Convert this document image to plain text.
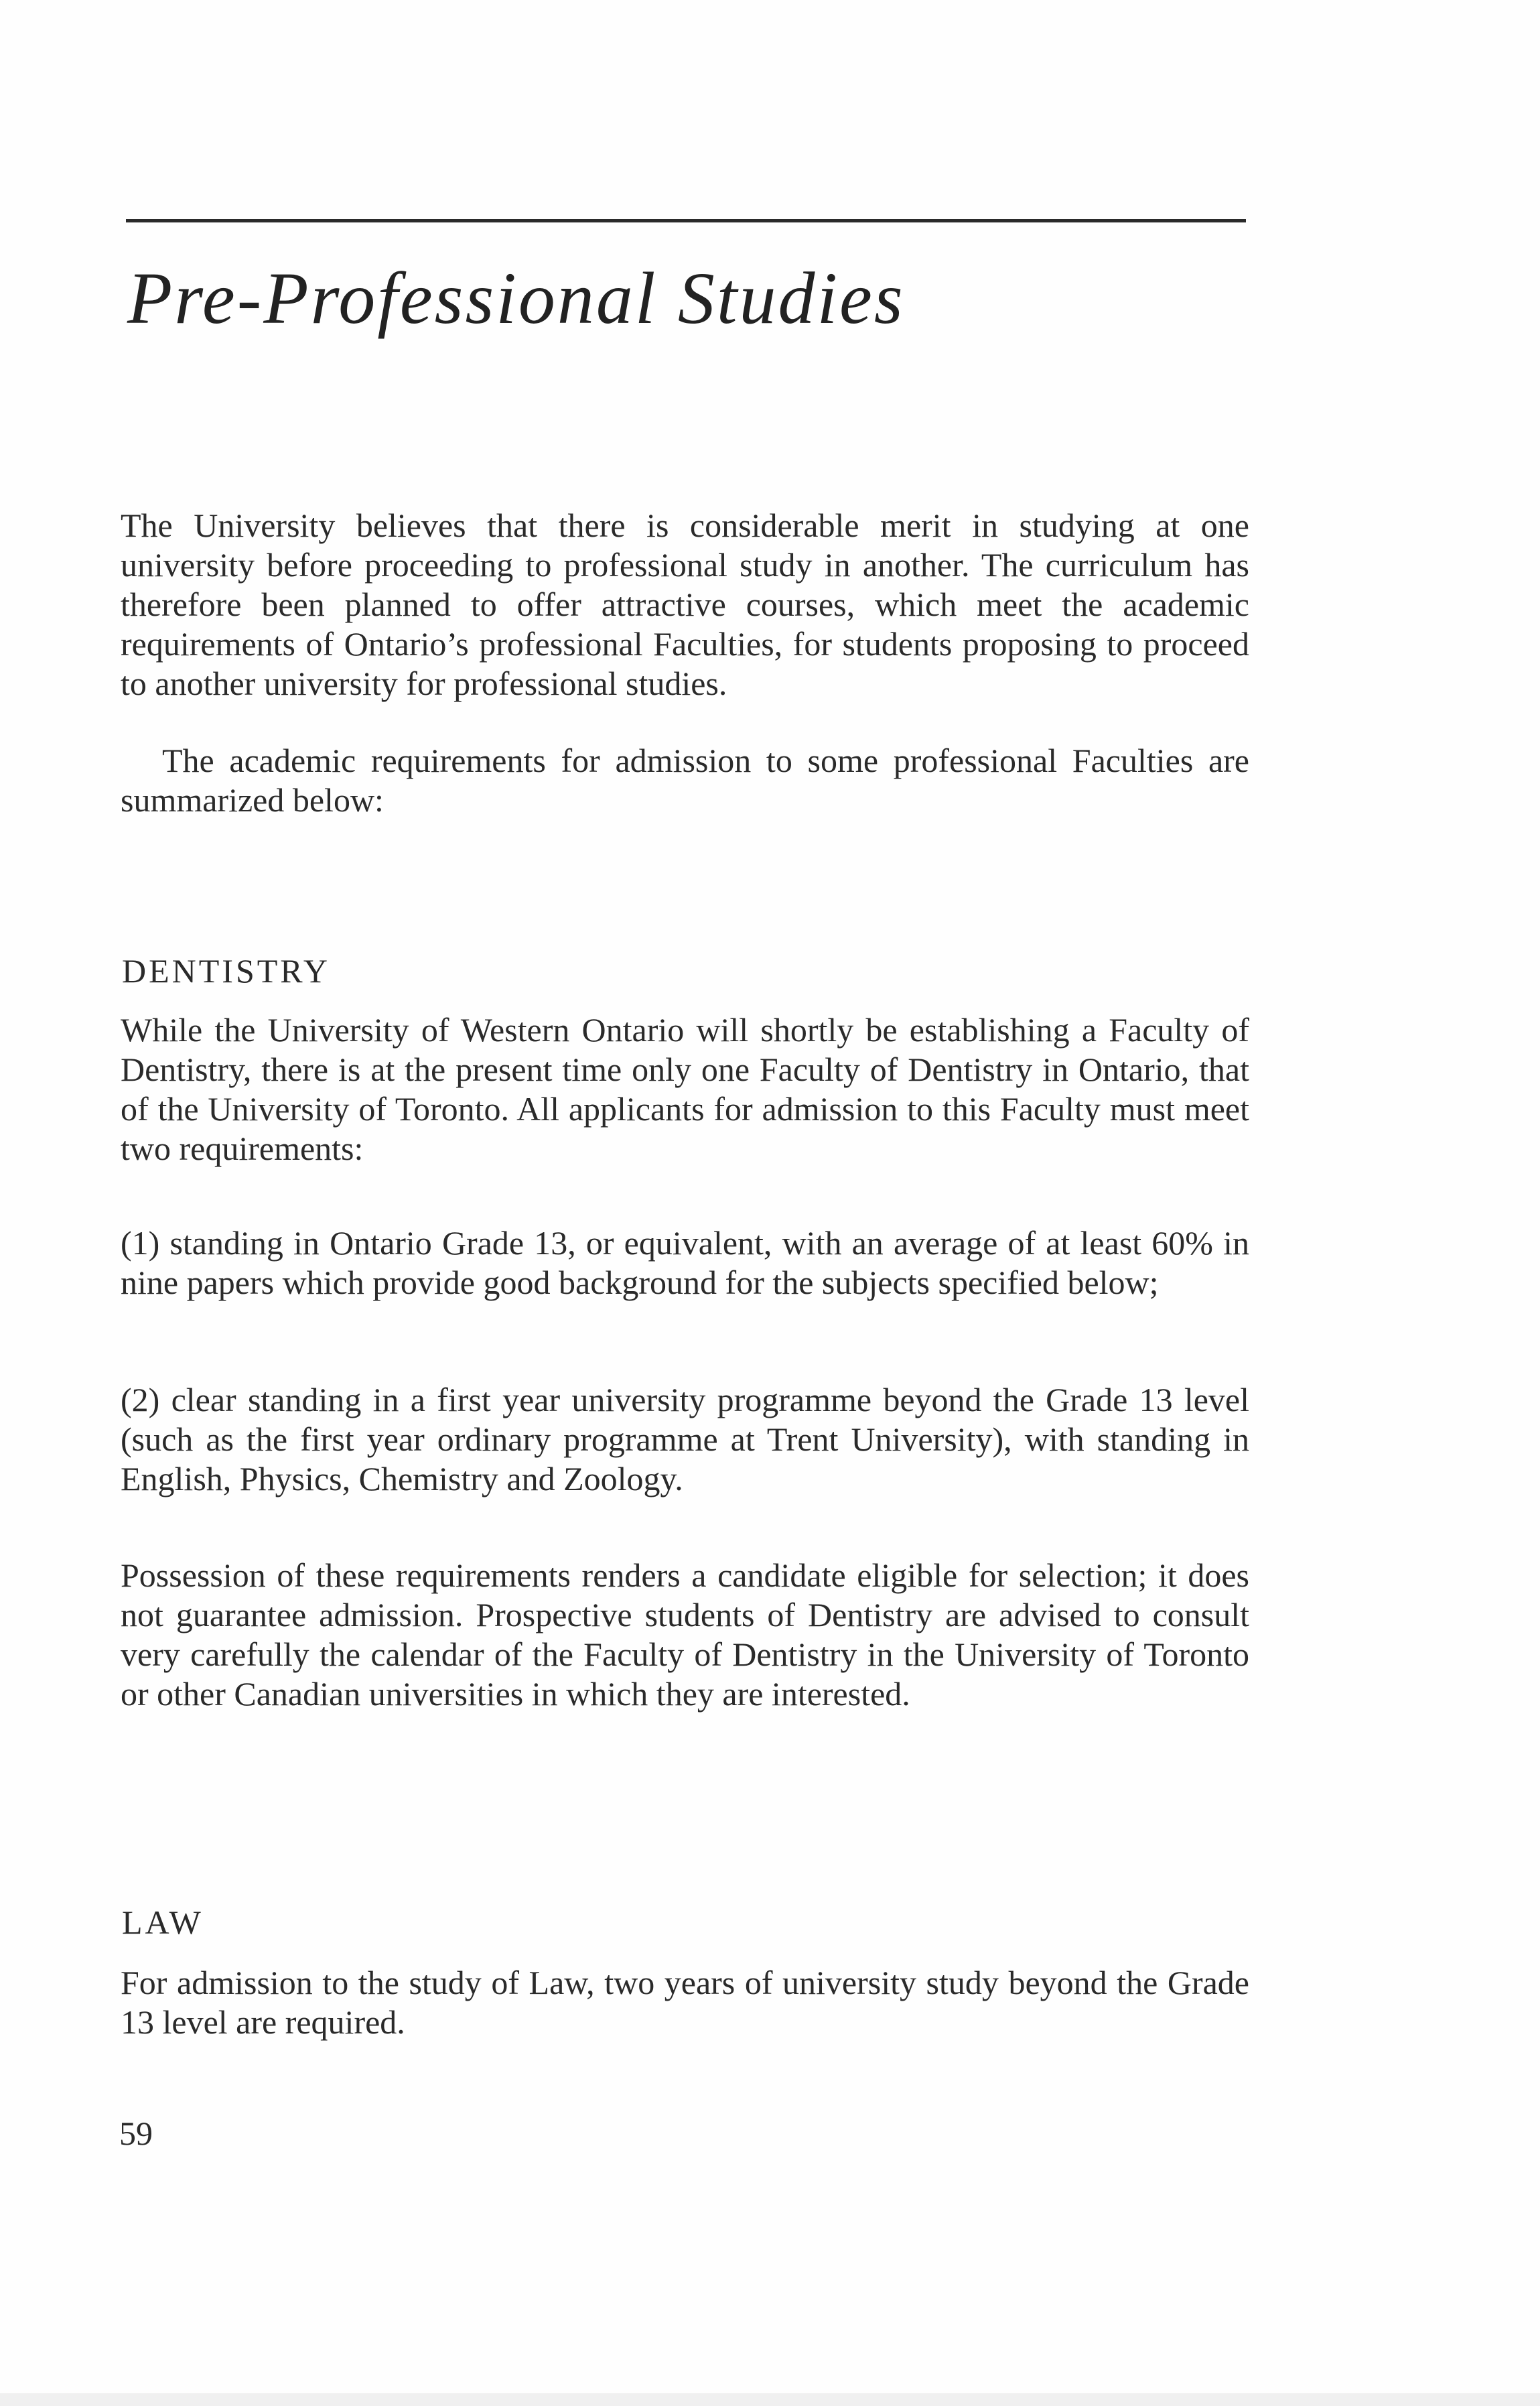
Pre-Professional Studies

The University believes that there is considerable merit in studying at one university before proceeding to professional study in another. The curriculum has therefore been planned to offer attractive courses, which meet the academic requirements of Ontario’s professional Faculties, for students proposing to proceed to another university for professional studies.

The academic requirements for admission to some professional Faculties are summarized below:

DENTISTRY

While the University of Western Ontario will shortly be establishing a Faculty of Dentistry, there is at the present time only one Faculty of Dentistry in Ontario, that of the University of Toronto. All applicants for admission to this Faculty must meet two requirements:

(1) standing in Ontario Grade 13, or equivalent, with an average of at least 60% in nine papers which provide good background for the subjects specified below;

(2) clear standing in a first year university programme beyond the Grade 13 level (such as the first year ordinary programme at Trent University), with standing in English, Physics, Chemistry and Zoology.

Possession of these requirements renders a candidate eligible for selection; it does not guarantee admission. Prospective students of Dentistry are advised to consult very carefully the calendar of the Faculty of Dentistry in the University of Toronto or other Canadian universities in which they are interested.

LAW

For admission to the study of Law, two years of university study beyond the Grade 13 level are required.

59
